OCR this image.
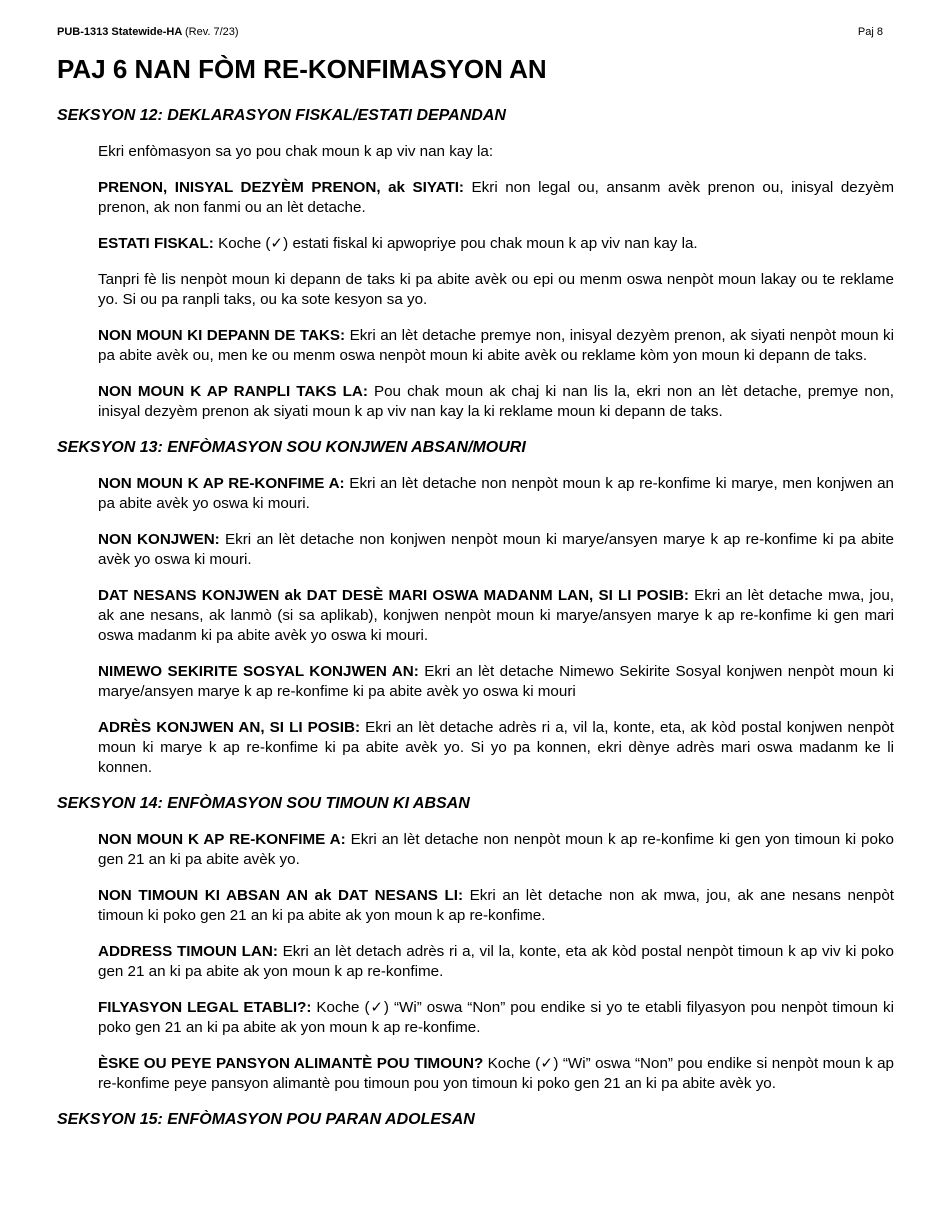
PUB-1313 Statewide-HA (Rev. 7/23)	Paj 8
PAJ 6 NAN FÒM RE-KONFIMASYON AN
SEKSYON 12: DEKLARASYON FISKAL/ESTATI DEPANDAN
Ekri enfòmasyon sa yo pou chak moun k ap viv nan kay la:
PRENON, INISYAL DEZYÈM PRENON, ak SIYATI: Ekri non legal ou, ansanm avèk prenon ou, inisyal dezyèm prenon, ak non fanmi ou an lèt detache.
ESTATI FISKAL: Koche (✓) estati fiskal ki apwopriye pou chak moun k ap viv nan kay la.
Tanpri fè lis nenpòt moun ki depann de taks ki pa abite avèk ou epi ou menm oswa nenpòt moun lakay ou te reklame yo. Si ou pa ranpli taks, ou ka sote kesyon sa yo.
NON MOUN KI DEPANN DE TAKS: Ekri an lèt detache premye non, inisyal dezyèm prenon, ak siyati nenpòt moun ki pa abite avèk ou, men ke ou menm oswa nenpòt moun ki abite avèk ou reklame kòm yon moun ki depann de taks.
NON MOUN K AP RANPLI TAKS LA: Pou chak moun ak chaj ki nan lis la, ekri non an lèt detache, premye non, inisyal dezyèm prenon ak siyati moun k ap viv nan kay la ki reklame moun ki depann de taks.
SEKSYON 13: ENFÒMASYON SOU KONJWEN ABSAN/MOURI
NON MOUN K AP RE-KONFIME A: Ekri an lèt detache non nenpòt moun k ap re-konfime ki marye, men konjwen an pa abite avèk yo oswa ki mouri.
NON KONJWEN: Ekri an lèt detache non konjwen nenpòt moun ki marye/ansyen marye k ap re-konfime ki pa abite avèk yo oswa ki mouri.
DAT NESANS KONJWEN ak DAT DESÈ MARI OSWA MADANM LAN, SI LI POSIB: Ekri an lèt detache mwa, jou, ak ane nesans, ak lanmò (si sa aplikab), konjwen nenpòt moun ki marye/ansyen marye k ap re-konfime ki gen mari oswa madanm ki pa abite avèk yo oswa ki mouri.
NIMEWO SEKIRITE SOSYAL KONJWEN AN: Ekri an lèt detache Nimewo Sekirite Sosyal konjwen nenpòt moun ki marye/ansyen marye k ap re-konfime ki pa abite avèk yo oswa ki mouri
ADRÈS KONJWEN AN, SI LI POSIB: Ekri an lèt detache adrès ri a, vil la, konte, eta, ak kòd postal konjwen nenpòt moun ki marye k ap re-konfime ki pa abite avèk yo. Si yo pa konnen, ekri dènye adrès mari oswa madanm ke li konnen.
SEKSYON 14: ENFÒMASYON SOU TIMOUN KI ABSAN
NON MOUN K AP RE-KONFIME A: Ekri an lèt detache non nenpòt moun k ap re-konfime ki gen yon timoun ki poko gen 21 an ki pa abite avèk yo.
NON TIMOUN KI ABSAN AN ak DAT NESANS LI: Ekri an lèt detache non ak mwa, jou, ak ane nesans nenpòt timoun ki poko gen 21 an ki pa abite ak yon moun k ap re-konfime.
ADDRESS TIMOUN LAN: Ekri an lèt detach adrès ri a, vil la, konte, eta ak kòd postal nenpòt timoun k ap viv ki poko gen 21 an ki pa abite ak yon moun k ap re-konfime.
FILYASYON LEGAL ETABLI?: Koche (✓) “Wi” oswa “Non” pou endike si yo te etabli filyasyon pou nenpòt timoun ki poko gen 21 an ki pa abite ak yon moun k ap re-konfime.
ÈSKE OU PEYE PANSYON ALIMANTÈ POU TIMOUN? Koche (✓) “Wi” oswa “Non” pou endike si nenpòt moun k ap re-konfime peye pansyon alimantè pou timoun pou yon timoun ki poko gen 21 an ki pa abite avèk yo.
SEKSYON 15: ENFÒMASYON POU PARAN ADOLESAN
